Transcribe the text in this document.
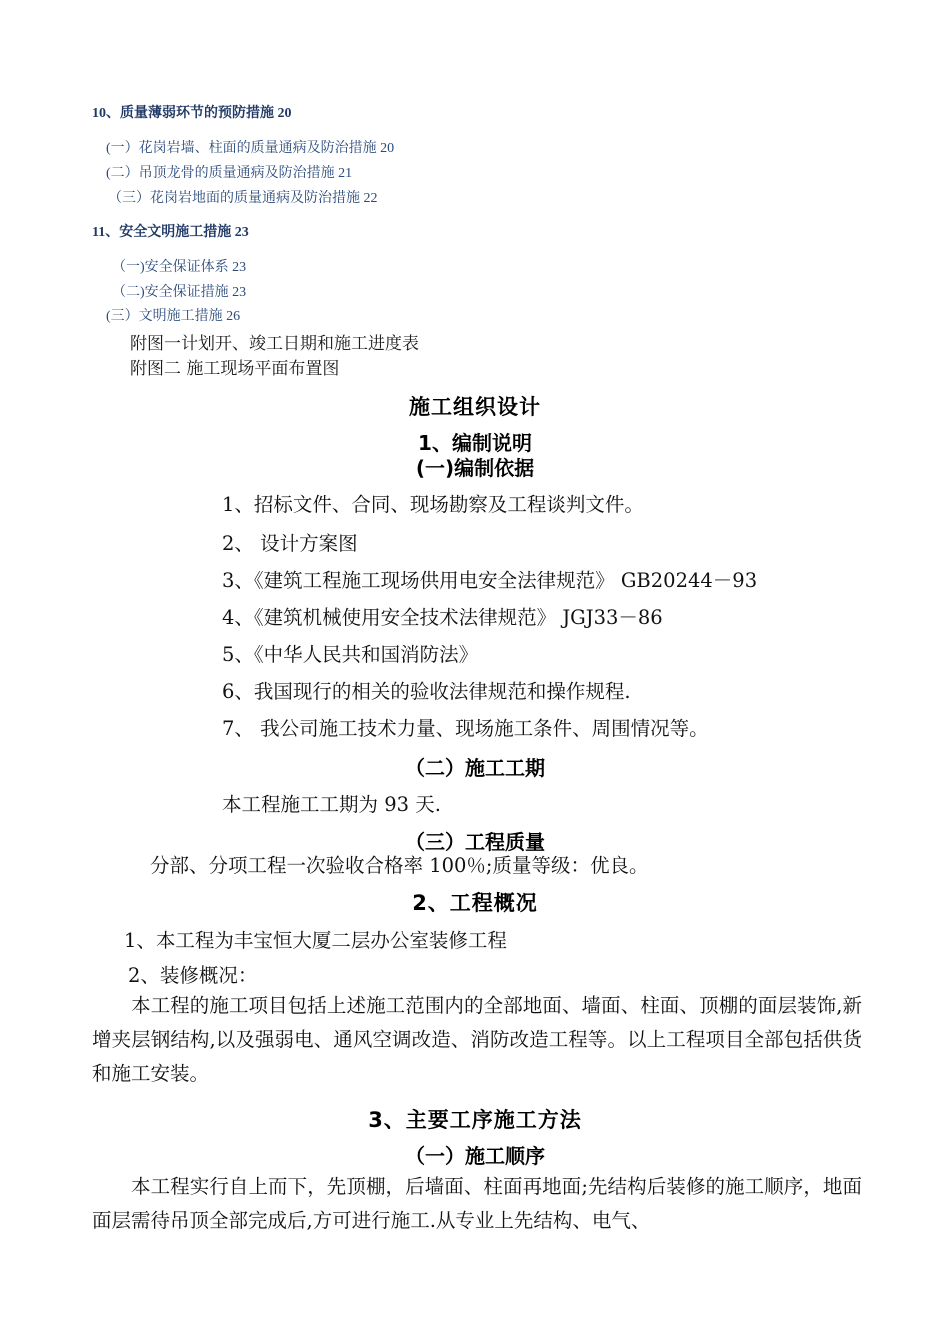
10、质量薄弱环节的预防措施 20
(一）花岗岩墙、柱面的质量通病及防治措施 20
(二）吊顶龙骨的质量通病及防治措施 21
（三）花岗岩地面的质量通病及防治措施 22
11、安全文明施工措施 23
（一)安全保证体系 23
（二)安全保证措施 23
(三）文明施工措施 26
附图一计划开、竣工日期和施工进度表
附图二 施工现场平面布置图
施工组织设计
1、编制说明
(一)编制依据
1、招标文件、合同、现场勘察及工程谈判文件。
2、 设计方案图
3、《建筑工程施工现场供用电安全法律规范》 GB20244－93
4、《建筑机械使用安全技术法律规范》 JGJ33－86
5、《中华人民共和国消防法》
6、我国现行的相关的验收法律规范和操作规程.
7、 我公司施工技术力量、现场施工条件、周围情况等。
（二）施工工期
本工程施工工期为 93 天.
（三）工程质量
分部、分项工程一次验收合格率 100％;质量等级：优良。
2、工程概况
1、本工程为丰宝恒大厦二层办公室装修工程
2、装修概况：
本工程的施工项目包括上述施工范围内的全部地面、墙面、柱面、顶棚的面层装饰,新增夹层钢结构,以及强弱电、通风空调改造、消防改造工程等。以上工程项目全部包括供货和施工安装。
3、主要工序施工方法
（一）施工顺序
本工程实行自上而下，先顶棚，后墙面、柱面再地面;先结构后装修的施工顺序，地面面层需待吊顶全部完成后,方可进行施工.从专业上先结构、电气、
